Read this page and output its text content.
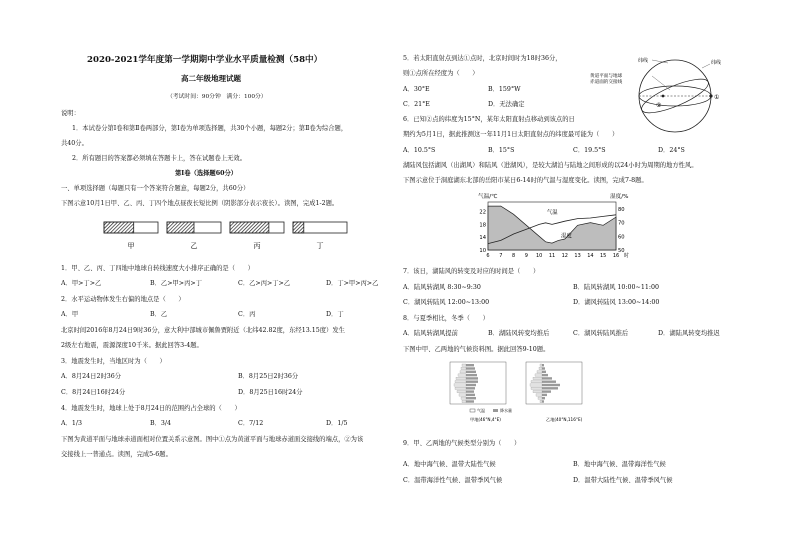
2020-2021学年度第一学期期中学业水平质量检测（58中）
高二年级地理试题
（考试时间：90分钟　满分：100分）
说明：
1．本试卷分第Ⅰ卷和第Ⅱ卷两部分，第Ⅰ卷为单项选择题，共30个小题，每题2分；第Ⅱ卷为综合题，
共40分。
2．所有题目的答案都必须填在答题卡上，答在试题卷上无效。
第Ⅰ卷（选择题60分）
一、单项选择题（每题只有一个答案符合题意，每题2分，共60分）
下图示意10月1日甲、乙、丙、丁四个地点昼夜长短比例（阴影部分表示夜长）。读图，完成1-2题。
甲	乙	丙	丁
1．甲、乙、丙、丁四地中地球自转线速度大小排序正确的是（　　）
A．甲>丁>乙	B．乙>甲>丙>丁	C．乙>丙>丁>乙	D．丁>甲>丙>乙
2．水平运动物体发生右偏的地点是（　　）
A．甲	B．乙	C．丙	D．丁
北京时间2016年8月24日9时36分，意大利中部城市佩鲁贾附近（北纬42.82度，东经13.15度）发生
2级左右地震，震源深度10千米。据此回答3-4题。
3．地震发生时，当地区时为（　　）
A．8月24日2时36分	B．8月25日2时36分
C．8月24日16时24分	D．8月25日16时24分
4．地震发生时，地球上处于8月24日的范围约占全球的（　　）
A．1/3	B．3/4	C．7/12	D．1/5
下图为黄道平面与地球赤道面相对位置关系示意图。图中①点为黄道平面与地球赤道面交接线的端点，②为该
交接线上一普通点。读图，完成5-6题。
5．若太阳直射点到达①点时，北京时间时为18时36分，
则①点所在经度为（　　）
A．30°E	B．159°W
C．21°E	D．无法确定
纬线
黄道平面与地球
赤道面的交接线
纬线
①
②
6．已知②点的纬度为15°N，某年太阳直射点移动到该点的日
期约为5月1日，据此推测这一年11月1日太阳直射点的纬度最可能为（　　）
A．10.5°S	B．15°S	C．19.5°S	D．24°S
湖陆风包括湖风（出湖风）和陆风（进湖风），是较大湖泊与陆地之间形成的以24小时为周期的地方性风。
下图示意位于洞庭湖东北部的岳阳市某日6-14时的气温与湿度变化。读图，完成7-8题。
10
14
18
22
50
60
70
80
6 7 8 9 10 11 12 13 14 15 16 时
气温/℃	湿度/%
气温
湿度
7．该日，湖陆风的转变及对应的时间是（　　）
A．陆风转湖风 8:30~9:30	B．陆风转湖风 10:00~11:00
C．湖风转陆风 12:00~13:00	D．湖风转陆风 13:00~14:00
8．与夏季相比，冬季（　　）
A．陆风转湖风提前	B．湖陆风转变均推后	C．湖风转陆风推后	D．湖陆风转变均推迟
下图中甲、乙两地的气候资料图。据此回答9-10题。
甲地(46°N,4°E)	乙地(40°N,116°E)
气温	降水量
9．甲、乙两地的气候类型分别为（　　）
A．地中海气候、温带大陆性气候	B．地中海气候、温带海洋性气候
C．温带海洋性气候、温带季风气候	D．温带大陆性气候、温带季风气候
